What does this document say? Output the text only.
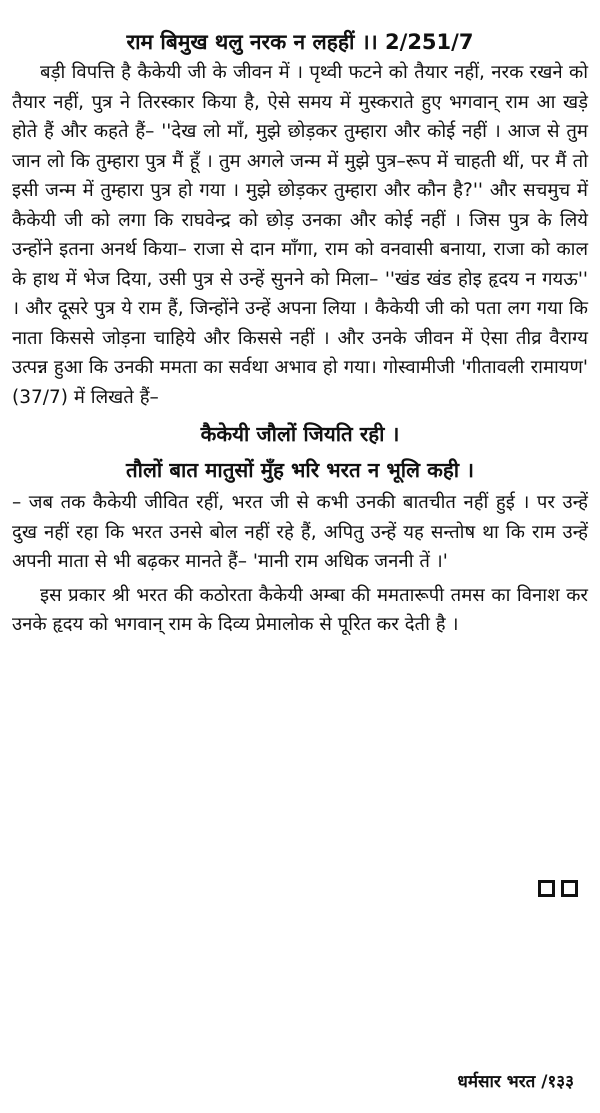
राम बिमुख थलु नरक न लहहीं ।। 2/251/7

बड़ी विपत्ति है कैकेयी जी के जीवन में । पृथ्वी फटने को तैयार नहीं, नरक रखने को तैयार नहीं, पुत्र ने तिरस्कार किया है, ऐसे समय में मुस्कराते हुए भगवान् राम आ खड़े होते हैं और कहते हैं– ''देख लो माँ, मुझे छोड़कर तुम्हारा और कोई नहीं । आज से तुम जान लो कि तुम्हारा पुत्र मैं हूँ । तुम अगले जन्म में मुझे पुत्र–रूप में चाहती थीं, पर मैं तो इसी जन्म में तुम्हारा पुत्र हो गया । मुझे छोड़कर तुम्हारा और कौन है?'' और सचमुच में कैकेयी जी को लगा कि राघवेन्द्र को छोड़ उनका और कोई नहीं । जिस पुत्र के लिये उन्होंने इतना अनर्थ किया– राजा से दान माँगा, राम को वनवासी बनाया, राजा को काल के हाथ में भेज दिया, उसी पुत्र से उन्हें सुनने को मिला– ''खंड खंड होइ हृदय न गयऊ'' । और दूसरे पुत्र ये राम हैं, जिन्होंने उन्हें अपना लिया । कैकेयी जी को पता लग गया कि नाता किससे जोड़ना चाहिये और किससे नहीं । और उनके जीवन में ऐसा तीव्र वैराग्य उत्पन्न हुआ कि उनकी ममता का सर्वथा अभाव हो गया। गोस्वामीजी 'गीतावली रामायण' (37/7) में लिखते हैं–

कैकेयी जौलों जियति रही ।

तौलों बात मातुसों मुँह भरि भरत न भूलि कही ।

– जब तक कैकेयी जीवित रहीं, भरत जी से कभी उनकी बातचीत नहीं हुई । पर उन्हें दुख नहीं रहा कि भरत उनसे बोल नहीं रहे हैं, अपितु उन्हें यह सन्तोष था कि राम उन्हें अपनी माता से भी बढ़कर मानते हैं– 'मानी राम अधिक जननी तें ।'

इस प्रकार श्री भरत की कठोरता कैकेयी अम्बा की ममतारूपी तमस का विनाश कर उनके हृदय को भगवान् राम के दिव्य प्रेमालोक से पूरित कर देती है ।

धर्मसार भरत /१३३
